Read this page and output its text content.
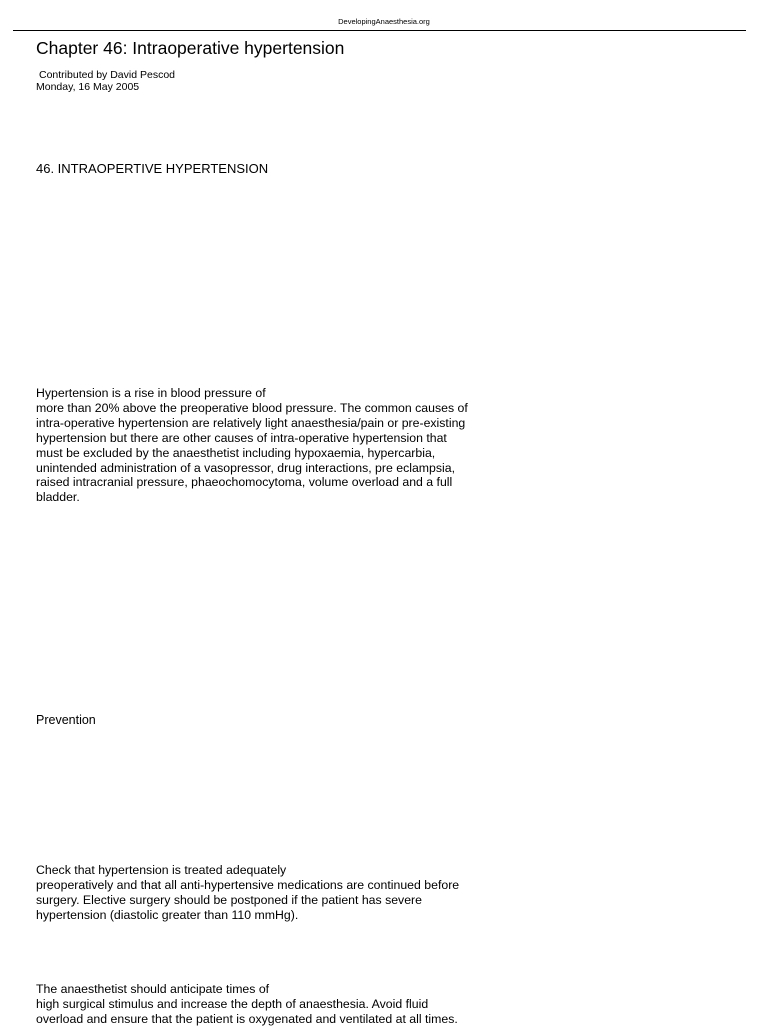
DevelopingAnaesthesia.org
Chapter 46: Intraoperative hypertension
Contributed by David Pescod
Monday, 16 May 2005
46. INTRAOPERTIVE HYPERTENSION
Hypertension is a rise in blood pressure of
more than 20% above the preoperative blood pressure. The common causes of
intra-operative hypertension are relatively light anaesthesia/pain or pre-existing
hypertension but there are other causes of intra-operative hypertension that
must be excluded by the anaesthetist including hypoxaemia, hypercarbia,
unintended administration of a vasopressor, drug interactions, pre eclampsia,
raised intracranial pressure, phaeochomocytoma, volume overload and a full
bladder.
Prevention
Check that hypertension is treated adequately
preoperatively and that all anti-hypertensive medications are continued before
surgery. Elective surgery should be postponed if the patient has severe
hypertension (diastolic greater than 110 mmHg).
The anaesthetist should anticipate times of
high surgical stimulus and increase the depth of anaesthesia. Avoid fluid
overload and ensure that the patient is oxygenated and ventilated at all times.
